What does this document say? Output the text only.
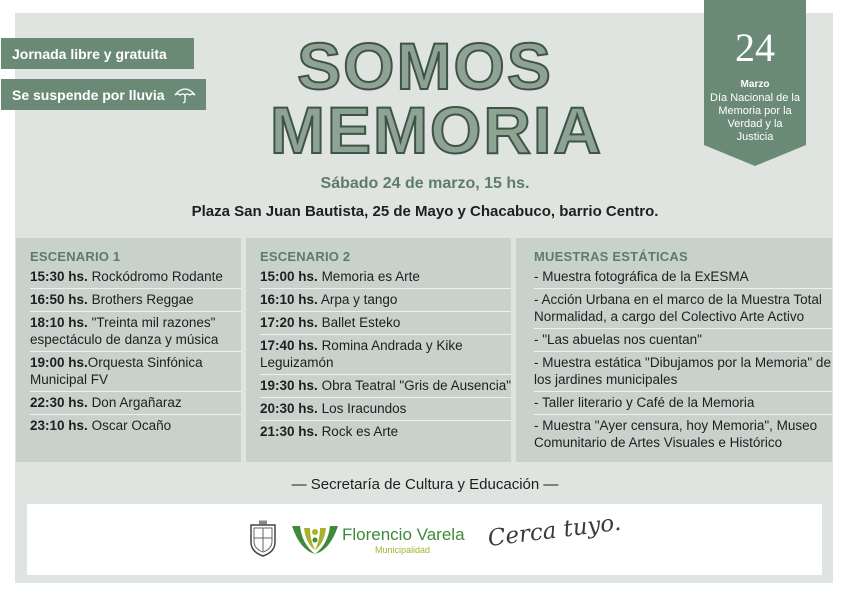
Jornada libre y gratuita
Se suspende por lluvia
24
Marzo
Día Nacional de la Memoria por la Verdad y la Justicia
SOMOS
MEMORIA
Sábado 24 de marzo, 15 hs.
Plaza San Juan Bautista, 25 de Mayo y Chacabuco, barrio Centro.
ESCENARIO 1
15:30 hs. Rockódromo Rodante
16:50 hs. Brothers Reggae
18:10 hs. "Treinta mil razones" espectáculo de danza y música
19:00 hs.Orquesta Sinfónica Municipal FV
22:30 hs. Don Argañaraz
23:10 hs. Oscar Ocaño
ESCENARIO 2
15:00 hs. Memoria es Arte
16:10 hs. Arpa y tango
17:20 hs. Ballet Esteko
17:40 hs. Romina Andrada y Kike Leguizamón
19:30 hs. Obra Teatral "Gris de Ausencia"
20:30 hs. Los Iracundos
21:30 hs. Rock es Arte
MUESTRAS ESTÁTICAS
- Muestra fotográfica de la ExESMA
- Acción Urbana en el marco de la Muestra Total Normalidad, a cargo del Colectivo Arte Activo
- "Las abuelas nos cuentan"
- Muestra estática "Dibujamos por la Memoria" de los jardines municipales
- Taller literario y Café de la Memoria
- Muestra "Ayer censura, hoy Memoria", Museo Comunitario de Artes Visuales e Histórico
— Secretaría de Cultura y Educación —
Florencio Varela
Municipalidad Cerca tuyo.
